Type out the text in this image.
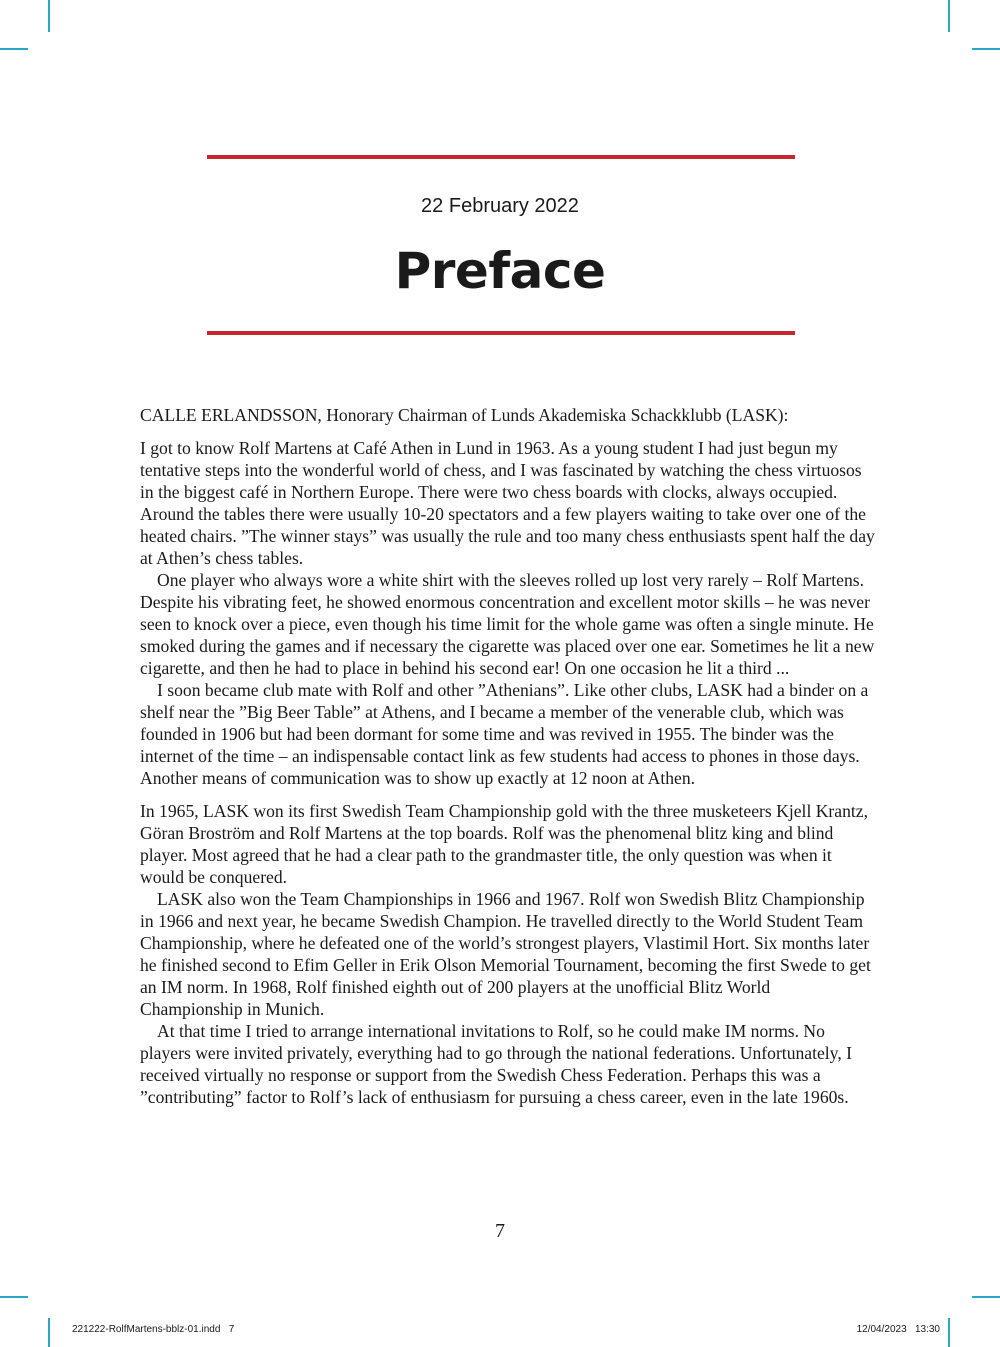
22 February 2022
Preface

CALLE ERLANDSSON, Honorary Chairman of Lunds Akademiska Schackklubb (LASK):

I got to know Rolf Martens at Café Athen in Lund in 1963. As a young student I had just begun my tentative steps into the wonderful world of chess, and I was fascinated by watching the chess virtuosos in the biggest café in Northern Europe. There were two chess boards with clocks, always occupied. Around the tables there were usually 10-20 spectators and a few players waiting to take over one of the heated chairs. ”The winner stays” was usually the rule and too many chess enthusiasts spent half the day at Athen’s chess tables.

One player who always wore a white shirt with the sleeves rolled up lost very rarely – Rolf Martens. Despite his vibrating feet, he showed enormous concentration and excellent motor skills – he was never seen to knock over a piece, even though his time limit for the whole game was often a single minute. He smoked during the games and if necessary the cigarette was placed over one ear. Sometimes he lit a new cigarette, and then he had to place in behind his second ear! On one occasion he lit a third ...

I soon became club mate with Rolf and other ”Athenians”. Like other clubs, LASK had a binder on a shelf near the ”Big Beer Table” at Athens, and I became a member of the venerable club, which was founded in 1906 but had been dormant for some time and was revived in 1955. The binder was the internet of the time – an indispensable contact link as few students had access to phones in those days. Another means of communication was to show up exactly at 12 noon at Athen.

In 1965, LASK won its first Swedish Team Championship gold with the three musketeers Kjell Krantz, Göran Broström and Rolf Martens at the top boards. Rolf was the phenomenal blitz king and blind player. Most agreed that he had a clear path to the grandmaster title, the only question was when it would be conquered.

LASK also won the Team Championships in 1966 and 1967. Rolf won Swedish Blitz Championship in 1966 and next year, he became Swedish Champion. He travelled directly to the World Student Team Championship, where he defeated one of the world’s strongest players, Vlastimil Hort. Six months later he finished second to Efim Geller in Erik Olson Memorial Tournament, becoming the first Swede to get an IM norm. In 1968, Rolf finished eighth out of 200 players at the unofficial Blitz World Championship in Munich.

At that time I tried to arrange international invitations to Rolf, so he could make IM norms. No players were invited privately, everything had to go through the national federations. Unfortunately, I received virtually no response or support from the Swedish Chess Federation. Perhaps this was a ”contributing” factor to Rolf’s lack of enthusiasm for pursuing a chess career, even in the late 1960s.

7
221222-RolfMartens-bblz-01.indd   7	12/04/2023   13:30
